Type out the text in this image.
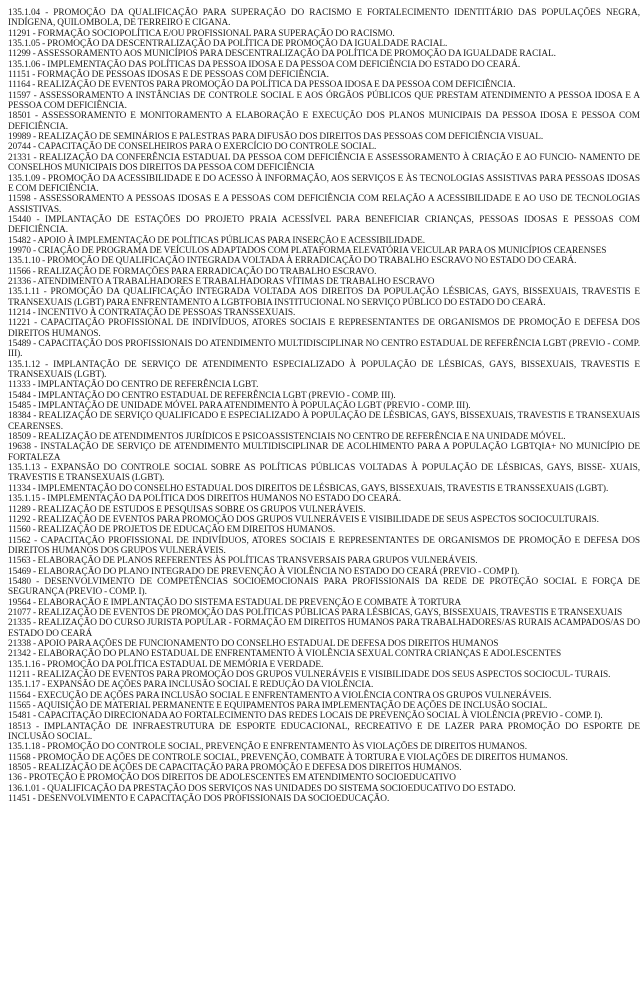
135.1.04 - PROMOÇÃO DA QUALIFICAÇÃO PARA SUPERAÇÃO DO RACISMO E FORTALECIMENTO IDENTITÁRIO DAS POPULAÇÕES NEGRA, INDÍGENA, QUILOMBOLA, DE TERREIRO E CIGANA.

11291 - FORMAÇÃO SOCIOPOLÍTICA E/OU PROFISSIONAL PARA SUPERAÇÃO DO RACISMO.

135.1.05 - PROMOÇÃO DA DESCENTRALIZAÇÃO DA POLÍTICA DE PROMOÇÃO DA IGUALDADE RACIAL.

11299 - ASSESSORAMENTO AOS MUNICÍPIOS PARA DESCENTRALIZAÇÃO DA POLÍTICA DE PROMOÇÃO DA IGUALDADE RACIAL.

135.1.06 - IMPLEMENTAÇÃO DAS POLÍTICAS DA PESSOA IDOSA E DA PESSOA COM DEFICIÊNCIA DO ESTADO DO CEARÁ.

11151 - FORMAÇÃO DE PESSOAS IDOSAS E DE PESSOAS COM DEFICIÊNCIA.

11164 - REALIZAÇÃO DE EVENTOS PARA PROMOÇÃO DA POLÍTICA DA PESSOA IDOSA E DA PESSOA COM DEFICIÊNCIA.

11597 - ASSESSORAMENTO A INSTÂNCIAS DE CONTROLE SOCIAL E AOS ÓRGÃOS PÚBLICOS QUE PRESTAM ATENDIMENTO A PESSOA IDOSA E A PESSOA COM DEFICIÊNCIA.

18501 - ASSESSORAMENTO E MONITORAMENTO A ELABORAÇÃO E EXECUÇÃO DOS PLANOS MUNICIPAIS DA PESSOA IDOSA E PESSOA COM DEFICIÊNCIA.

19989 - REALIZAÇÃO DE SEMINÁRIOS E PALESTRAS PARA DIFUSÃO DOS DIREITOS DAS PESSOAS COM DEFICIÊNCIA VISUAL.

20744 - CAPACITAÇÃO DE CONSELHEIROS PARA O EXERCÍCIO DO CONTROLE SOCIAL.

21331 - REALIZAÇÃO DA CONFERÊNCIA ESTADUAL DA PESSOA COM DEFICIÊNCIA E ASSESSORAMENTO À CRIAÇÃO E AO FUNCIO- NAMENTO DE CONSELHOS MUNICIPAIS DOS DIREITOS DA PESSOA COM DEFICIÊNCIA

135.1.09 - PROMOÇÃO DA ACESSIBILIDADE E DO ACESSO À INFORMAÇÃO, AOS SERVIÇOS E ÀS TECNOLOGIAS ASSISTIVAS PARA PESSOAS IDOSAS E COM DEFICIÊNCIA.

11598 - ASSESSORAMENTO A PESSOAS IDOSAS E A PESSOAS COM DEFICIÊNCIA COM RELAÇÃO A ACESSIBILIDADE E AO USO DE TECNOLOGIAS ASSISTIVAS.

15440 - IMPLANTAÇÃO DE ESTAÇÕES DO PROJETO PRAIA ACESSÍVEL PARA BENEFICIAR CRIANÇAS, PESSOAS IDOSAS E PESSOAS COM DEFICIÊNCIA.

15482 - APOIO À IMPLEMENTAÇÃO DE POLÍTICAS PÚBLICAS PARA INSERÇÃO E ACESSIBILIDADE.

19970 - CRIAÇÃO DE PROGRAMA DE VEÍCULOS ADAPTADOS COM PLATAFORMA ELEVATÓRIA VEICULAR PARA OS MUNICÍPIOS CEARENSES

135.1.10 - PROMOÇÃO DE QUALIFICAÇÃO INTEGRADA VOLTADA À ERRADICAÇÃO DO TRABALHO ESCRAVO NO ESTADO DO CEARÁ.

11566 - REALIZAÇÃO DE FORMAÇÕES PARA ERRADICAÇÃO DO TRABALHO ESCRAVO.

21336 - ATENDIMENTO A TRABALHADORES E TRABALHADORAS VÍTIMAS DE TRABALHO ESCRAVO

135.1.11 - PROMOÇÃO DA QUALIFICAÇÃO INTEGRADA VOLTADA AOS DIREITOS DA POPULAÇÃO LÉSBICAS, GAYS, BISSEXUAIS, TRAVESTIS E TRANSEXUAIS (LGBT) PARA ENFRENTAMENTO A LGBTFOBIA INSTITUCIONAL NO SERVIÇO PÚBLICO DO ESTADO DO CEARÁ.

11214 - INCENTIVO À CONTRATAÇÃO DE PESSOAS TRANSSEXUAIS.

11221 - CAPACITAÇÃO PROFISSIONAL DE INDIVÍDUOS, ATORES SOCIAIS E REPRESENTANTES DE ORGANISMOS DE PROMOÇÃO E DEFESA DOS DIREITOS HUMANOS.

15489 - CAPACITAÇÃO DOS PROFISSIONAIS DO ATENDIMENTO MULTIDISCIPLINAR NO CENTRO ESTADUAL DE REFERÊNCIA LGBT (PREVIO - COMP. III).

135.1.12 - IMPLANTAÇÃO DE SERVIÇO DE ATENDIMENTO ESPECIALIZADO À POPULAÇÃO DE LÉSBICAS, GAYS, BISSEXUAIS, TRAVESTIS E TRANSEXUAIS (LGBT).

11333 - IMPLANTAÇÃO DO CENTRO DE REFERÊNCIA LGBT.

15484 - IMPLANTAÇÃO DO CENTRO ESTADUAL DE REFERÊNCIA LGBT (PREVIO - COMP. III).

15485 - IMPLANTAÇÃO DE UNIDADE MÓVEL PARA ATENDIMENTO À POPULAÇÃO LGBT (PREVIO - COMP. III).

18384 - REALIZAÇÃO DE SERVIÇO QUALIFICADO E ESPECIALIZADO À POPULAÇÃO DE LÉSBICAS, GAYS, BISSEXUAIS, TRAVESTIS E TRANSEXUAIS CEARENSES.

18509 - REALIZAÇÃO DE ATENDIMENTOS JURÍDICOS E PSICOASSISTENCIAIS NO CENTRO DE REFERÊNCIA E NA UNIDADE MÓVEL.

19638 - INSTALAÇÃO DE SERVIÇO DE ATENDIMENTO MULTIDISCIPLINAR DE ACOLHIMENTO PARA A POPULAÇÃO LGBTQIA+ NO MUNICÍPIO DE FORTALEZA

135.1.13 - EXPANSÃO DO CONTROLE SOCIAL SOBRE AS POLÍTICAS PÚBLICAS VOLTADAS À POPULAÇÃO DE LÉSBICAS, GAYS, BISSE- XUAIS, TRAVESTIS E TRANSEXUAIS (LGBT).

11334 - IMPLEMENTAÇÃO DO CONSELHO ESTADUAL DOS DIREITOS DE LÉSBICAS, GAYS, BISSEXUAIS, TRAVESTIS E TRANSSEXUAIS (LGBT).

135.1.15 - IMPLEMENTAÇÃO DA POLÍTICA DOS DIREITOS HUMANOS NO ESTADO DO CEARÁ.

11289 - REALIZAÇÃO DE ESTUDOS E PESQUISAS SOBRE OS GRUPOS VULNERÁVEIS.

11292 - REALIZAÇÃO DE EVENTOS PARA PROMOÇÃO DOS GRUPOS VULNERÁVEIS E VISIBILIDADE DE SEUS ASPECTOS SOCIOCULTURAIS.

11560 - REALIZAÇÃO DE PROJETOS DE EDUCAÇÃO EM DIREITOS HUMANOS.

11562 - CAPACITAÇÃO PROFISSIONAL DE INDIVÍDUOS, ATORES SOCIAIS E REPRESENTANTES DE ORGANISMOS DE PROMOÇÃO E DEFESA DOS DIREITOS HUMANOS DOS GRUPOS VULNERÁVEIS.

11563 - ELABORAÇÃO DE PLANOS REFERENTES ÀS POLÍTICAS TRANSVERSAIS PARA GRUPOS VULNERÁVEIS.

15469 - ELABORAÇÃO DO PLANO INTEGRADO DE PREVENÇÃO À VIOLÊNCIA NO ESTADO DO CEARÁ (PREVIO - COMP I).

15480 - DESENVOLVIMENTO DE COMPETÊNCIAS SOCIOEMOCIONAIS PARA PROFISSIONAIS DA REDE DE PROTEÇÃO SOCIAL E FORÇA DE SEGURANÇA (PREVIO - COMP. I).

19564 - ELABORAÇÃO E IMPLANTAÇÃO DO SISTEMA ESTADUAL DE PREVENÇÃO E COMBATE À TORTURA

21077 - REALIZAÇÃO DE EVENTOS DE PROMOÇÃO DAS POLÍTICAS PÚBLICAS PARA LÉSBICAS, GAYS, BISSEXUAIS, TRAVESTIS E TRANSEXUAIS

21335 - REALIZAÇÃO DO CURSO JURISTA POPULAR - FORMAÇÃO EM DIREITOS HUMANOS PARA TRABALHADORES/AS RURAIS ACAMPADOS/AS DO ESTADO DO CEARÁ

21338 - APOIO PARA AÇÕES DE FUNCIONAMENTO DO CONSELHO ESTADUAL DE DEFESA DOS DIREITOS HUMANOS

21342 - ELABORAÇÃO DO PLANO ESTADUAL DE ENFRENTAMENTO À VIOLÊNCIA SEXUAL CONTRA CRIANÇAS E ADOLESCENTES

135.1.16 - PROMOÇÃO DA POLÍTICA ESTADUAL DE MEMÓRIA E VERDADE.

11211 - REALIZAÇÃO DE EVENTOS PARA PROMOÇÃO DOS GRUPOS VULNERÁVEIS E VISIBILIDADE DOS SEUS ASPECTOS SOCIOCUL- TURAIS.

135.1.17 - EXPANSÃO DE AÇÕES PARA INCLUSÃO SOCIAL E REDUÇÃO DA VIOLÊNCIA.

11564 - EXECUÇÃO DE AÇÕES PARA INCLUSÃO SOCIAL E ENFRENTAMENTO A VIOLÊNCIA CONTRA OS GRUPOS VULNERÁVEIS.

11565 - AQUISIÇÃO DE MATERIAL PERMANENTE E EQUIPAMENTOS PARA IMPLEMENTAÇÃO DE AÇÕES DE INCLUSÃO SOCIAL.

15481 - CAPACITAÇÃO DIRECIONADA AO FORTALECIMENTO DAS REDES LOCAIS DE PREVENÇÃO SOCIAL À VIOLÊNCIA (PREVIO - COMP. I).

18513 - IMPLANTAÇÃO DE INFRAESTRUTURA DE ESPORTE EDUCACIONAL, RECREATIVO E DE LAZER PARA PROMOÇÃO DO ESPORTE DE INCLUSÃO SOCIAL.

135.1.18 - PROMOÇÃO DO CONTROLE SOCIAL, PREVENÇÃO E ENFRENTAMENTO ÀS VIOLAÇÕES DE DIREITOS HUMANOS.

11568 - PROMOÇÃO DE AÇÕES DE CONTROLE SOCIAL, PREVENÇÃO, COMBATE À TORTURA E VIOLAÇÕES DE DIREITOS HUMANOS.

18505 - REALIZAÇÃO DE AÇÕES DE CAPACITAÇÃO PARA PROMOÇÃO E DEFESA DOS DIREITOS HUMANOS.

136 - PROTEÇÃO E PROMOÇÃO DOS DIREITOS DE ADOLESCENTES EM ATENDIMENTO SOCIOEDUCATIVO

136.1.01 - QUALIFICAÇÃO DA PRESTAÇÃO DOS SERVIÇOS NAS UNIDADES DO SISTEMA SOCIOEDUCATIVO DO ESTADO.

11451 - DESENVOLVIMENTO E CAPACITAÇÃO DOS PROFISSIONAIS DA SOCIOEDUCAÇÃO.
